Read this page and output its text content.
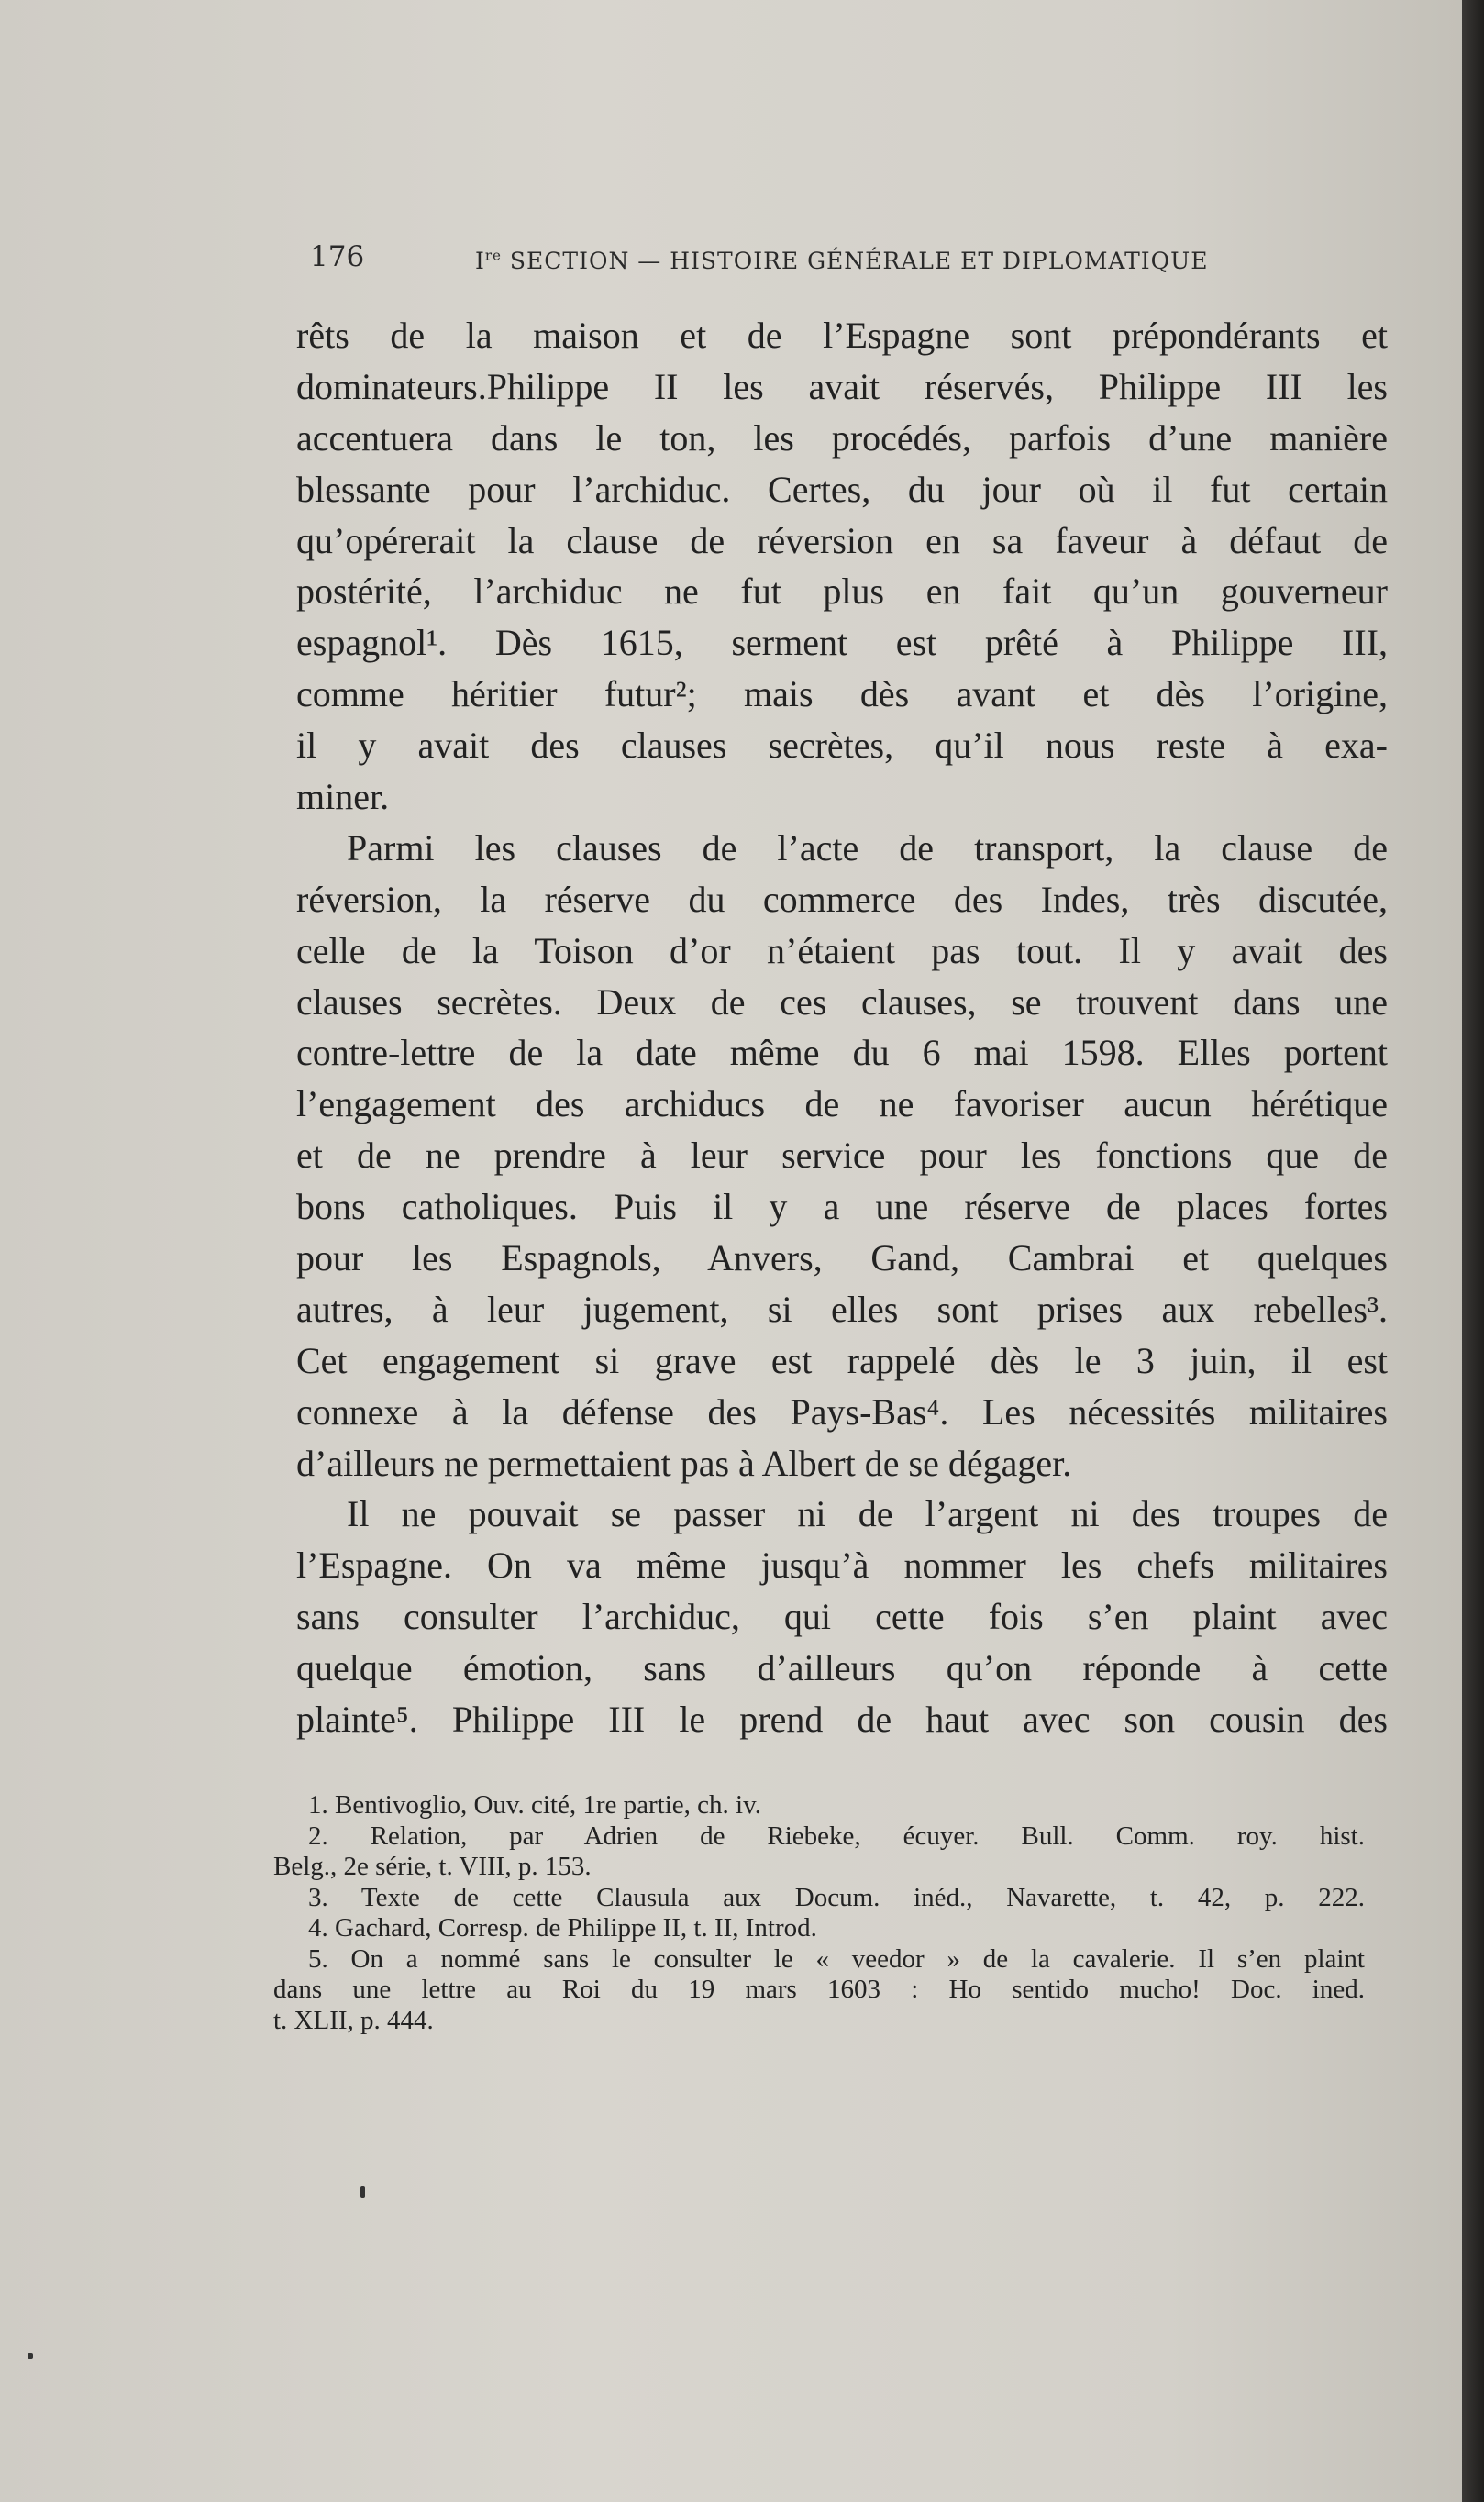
176	Ire SECTION — HISTOIRE GÉNÉRALE ET DIPLOMATIQUE
rêts de la maison et de l’Espagne sont prépondérants et
dominateurs.Philippe II les avait réservés, Philippe III les
accentuera dans le ton, les procédés, parfois d’une manière
blessante pour l’archiduc. Certes, du jour où il fut certain
qu’opérerait la clause de réversion en sa faveur à défaut de
postérité, l’archiduc ne fut plus en fait qu’un gouverneur
espagnol¹. Dès 1615, serment est prêté à Philippe III,
comme héritier futur²; mais dès avant et dès l’origine,
il y avait des clauses secrètes, qu’il nous reste à exa-
miner.
Parmi les clauses de l’acte de transport, la clause de
réversion, la réserve du commerce des Indes, très discutée,
celle de la Toison d’or n’étaient pas tout. Il y avait des
clauses secrètes. Deux de ces clauses, se trouvent dans une
contre-lettre de la date même du 6 mai 1598. Elles portent
l’engagement des archiducs de ne favoriser aucun hérétique
et de ne prendre à leur service pour les fonctions que de
bons catholiques. Puis il y a une réserve de places fortes
pour les Espagnols, Anvers, Gand, Cambrai et quelques
autres, à leur jugement, si elles sont prises aux rebelles³.
Cet engagement si grave est rappelé dès le 3 juin, il est
connexe à la défense des Pays-Bas⁴. Les nécessités militaires
d’ailleurs ne permettaient pas à Albert de se dégager.
Il ne pouvait se passer ni de l’argent ni des troupes de
l’Espagne. On va même jusqu’à nommer les chefs militaires
sans consulter l’archiduc, qui cette fois s’en plaint avec
quelque émotion, sans d’ailleurs qu’on réponde à cette
plainte⁵. Philippe III le prend de haut avec son cousin des
1. Bentivoglio, Ouv. cité, 1re partie, ch. iv.
2. Relation, par Adrien de Riebeke, écuyer. Bull. Comm. roy. hist.
Belg., 2e série, t. VIII, p. 153.
3. Texte de cette Clausula aux Docum. inéd., Navarette, t. 42, p. 222.
4. Gachard, Corresp. de Philippe II, t. II, Introd.
5. On a nommé sans le consulter le « veedor » de la cavalerie. Il s’en plaint
dans une lettre au Roi du 19 mars 1603 : Ho sentido mucho! Doc. ined.
t. XLII, p. 444.
